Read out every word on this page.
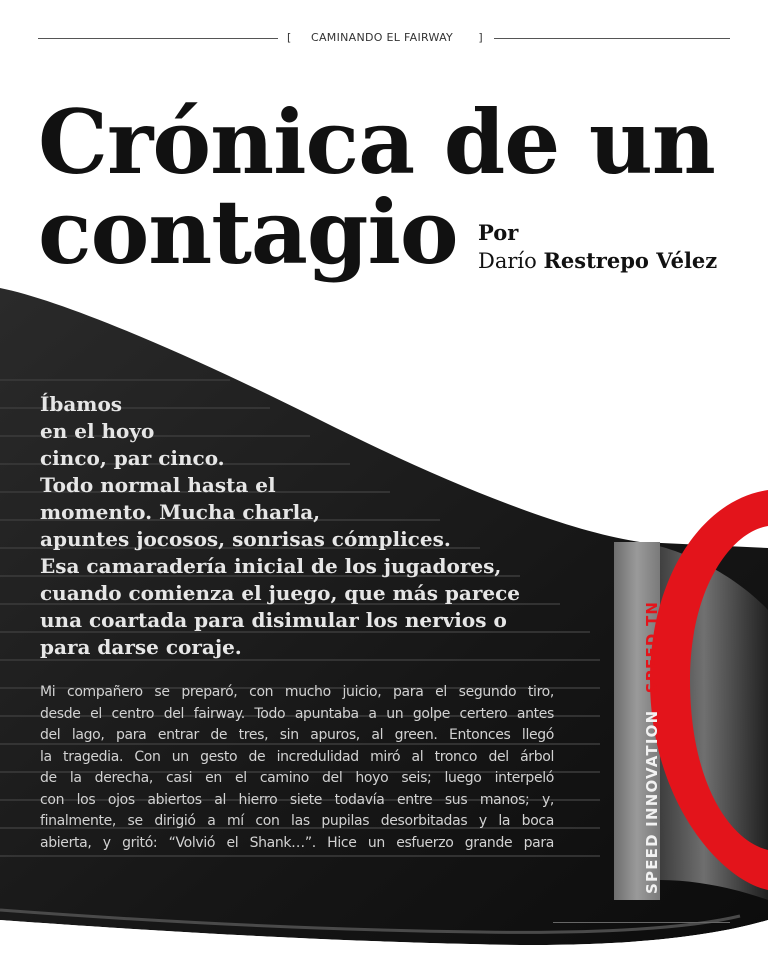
[ CAMINANDO EL FAIRWAY ]
Crónica de un
contagio Por
Darío Restrepo Vélez
Íbamos
en el hoyo
cinco, par cinco.
Todo normal hasta el
momento. Mucha charla,
apuntes jocosos, sonrisas cómplices.
Esa camaradería inicial de los jugadores,
cuando comienza el juego, que más parece
una coartada para disimular los nervios o
para darse coraje.
Mi compañero se preparó, con mucho juicio, para el segundo tiro,
desde el centro del fairway. Todo apuntaba a un golpe certero antes
del lago, para entrar de tres, sin apuros, al green. Entonces llegó
la tragedia. Con un gesto de incredulidad miró al tronco del árbol
de la derecha, casi en el camino del hoyo seis; luego interpeló
con los ojos abiertos al hierro siete todavía entre sus manos; y,
finalmente, se dirigió a mí con las pupilas desorbitadas y la boca
abierta, y gritó: “Volvió el Shank…”. Hice un esfuerzo grande para	SPEED INNOVATION SPEED TN
